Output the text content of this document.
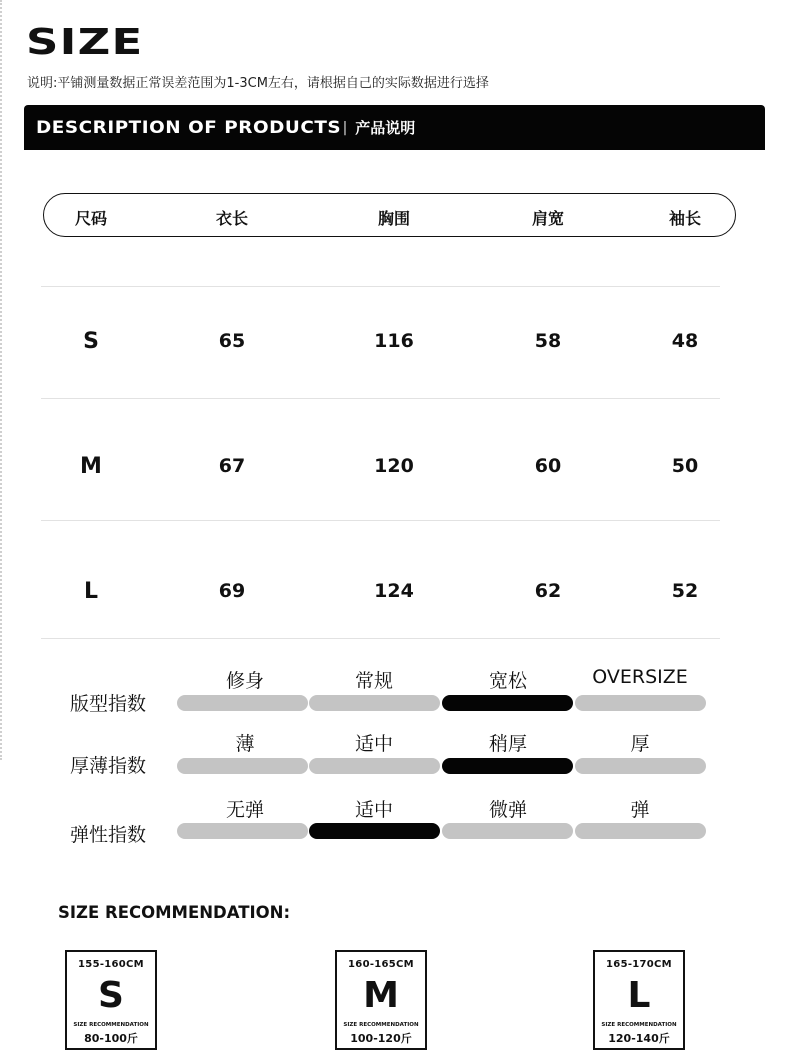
SIZE
说明:平铺测量数据正常误差范围为1-3CM左右，请根据自己的实际数据进行选择
DESCRIPTION OF PRODUCTS | 产品说明
尺码	衣长	胸围	肩宽	袖长
S	65	116	58	48
M	67	120	60	50
L	69	124	62	52
版型指数
修身	常规	宽松	OVERSIZE
厚薄指数
薄	适中	稍厚	厚
弹性指数
无弹	适中	微弹	弹
SIZE RECOMMENDATION:
155-160CM
S
SIZE RECOMMENDATION
80-100斤
160-165CM
M
SIZE RECOMMENDATION
100-120斤
165-170CM
L
SIZE RECOMMENDATION
120-140斤
